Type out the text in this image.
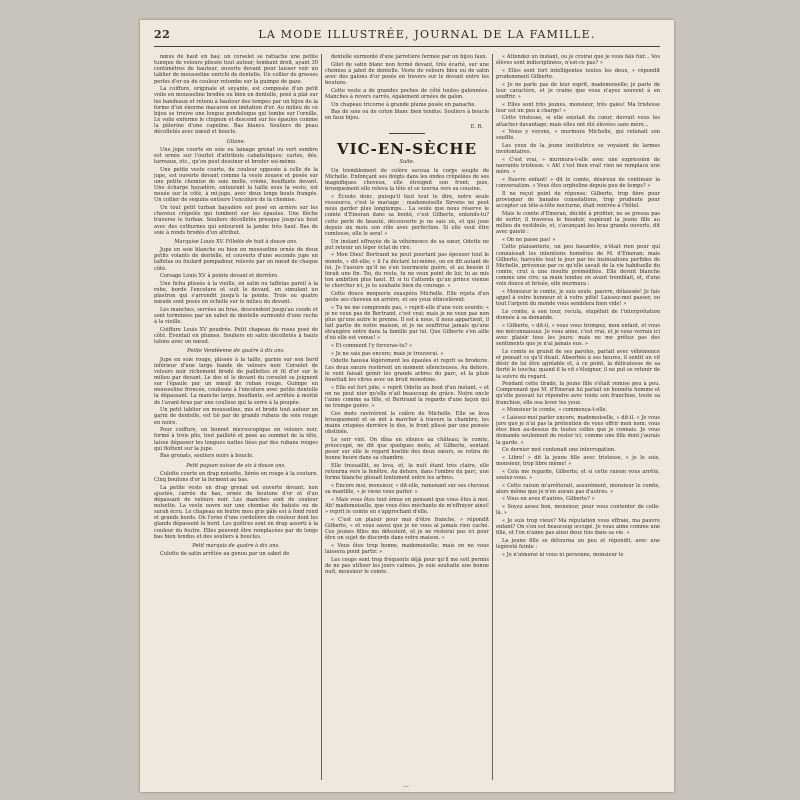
22	LA MODE ILLUSTRÉE, JOURNAL DE LA FAMILLE.

nœus de haut en bas; un corselet se rattache une petite tunique de velours plissée tout autour, tombant droit, ayant 30 centimètres de hauteur, ouverte devant pour laisser voir un tablier de mousseline enrichi de dentelle. Un collier de grosses perles d'or ou de couleur retombe sur la guimpe de gaze.

La coiffure, originale et seyante, est composée d'un petit voile en mousseline brodée ou bien en dentelle, posé à plat sur les bandeaux et retenu à hauteur des tempes par un bijou de la forme d'un énorme macaron en imitation d'or. Au milieu de ce bijou se trouve une longue pendeloque qui tombe sur l'oreille. Le voile enferme le chignon et descend sur les épaules comme la pèlerine d'une capeline. Bas blancs. Souliers de peau décolletés avec nœud et boucle.

Gitane.

Une jupe courte en soie ou lainage grenat ou vert sombre est ornée sur l'ourlet d'attributs cabalistiques; cartes, dés, tarreaux, etc., qu'on peut dessiner et broder soi-même.

Une petite veste courte, de couleur opposée à celle de la jupe, est ouverte devant comme la veste zouave et posée sur une petite chemise de soie molle, crème, bouffante devant. Une écharpe bayadère, entourant la taille sous la veste, est nouée sur le côté, à mi-jupe, avec deux longs bouts frangés. Un collier de sequins entoure l'encolure de la chemise.

Un tout petit turban bayadère est posé en arrière sur les cheveux crêpelés qui tombent sur les épaules. Une flèche traverse le turban. Souliers décolletés presque jusqu'au bout avec des cothurnes qui entourent la jambe très haut. Bas de soie à ronds brodés d'un attribut.

Marquise Louis XV. Fillette de huit à douze ans.

Jupe en soie blanche ou bien en mousseline ornée de deux petits volants de dentelle, et couverts d'une seconde jupe en taffetas ou foulard pompadour, relevée par un nœud de chaque côté.

Corsage Louis XV à pointe devant et derrière.

Une fichu plissée à la vieille, en satin ou taffetas pareil à la robe, borde l'encolure et suit le devant, en simulant un plastron qui s'arrondit jusqu'à la pointe. Trois ou quatre nœuds sont posés en échelle sur le milieu du devant.

Les manches, serrées au bras, descendent jusqu'au coude et sont terminées par un sabot de dentelle surmonté d'une ruche à la vieille.

Coiffure Louis XV poudrée. Petit chapeau de roses posé de côté. Éventail en plumes. Souliers en satin décolletés à hauts talons avec un nœud.

Petite Vendéenne de quatre à dix ans.

Jupe en soie rouge, plissée à la taille, garnie sur son bord inférieur d'une large bande de velours noir. Corselet de velours noir richement brodé de paillettes et fil d'or sur le milieu par devant. Le dos et le devant du corselet se joignent sur l'épaule par un nœud de ruban rouge. Guimpe en mousseline froncée, coulissée à l'encolure avec petite dentelle la dépassant. La manche large, bouffante, est arrêtée à moitié de l'avant-bras par une coulisse qui la serre à la poupée.

Un petit tablier en mousseline, mis et brodé tout autour en garni de dentelle, est tié par de grands rubans de soie rouge en noire.

Pour coiffure, un bonnet microscopique en velours noir, formé à trois plis, tout pailleté et posé au sommet de la tête, laisse dépasser les longues nattes liées par des rubans rouges qui flottent sur la jupe.

Bas grenats, souliers noirs à boucle.

Petit paysan suisse de six à douze ans.

Culotte courte en drap noisette, liérée en rouge à la couture. Cinq boutons d'or la ferment au bas.

La petite veste en drap grenat est ouverte devant, non ajustée, carrée du bas, ornée de boutons d'or et d'un dépassant de velours noir. Les manches sont de couleur noisette. La veste ouvre sur une chemise de batiste ou de surah écru. Le chapeau en feutre mou gris pâle est à fond rond et grands bords. On l'orne d'une cordelière de couleur dont les glands dépassent le bord. Les guêtres sont en drap assorti à la couleur du feutre. Elles peuvent être remplacées par de longs bas bien tendus et des souliers à boucles.

Petit marquis de quatre à dix ans.

Culotte de satin arrêtée au genou par un sabot de

dentelle surmonté d'une jarretière fermée par un bijou faux.

Gilet de satin blanc non fermé devant, très écarté, sur une chemise à jabot de dentelle. Veste de velours bleu ou de satin avec des galons d'or posés en travers sur le devant entre les boutons.

Cette veste a de grandes poches de côté toutes galonnées. Manches à revers carrés, également ornées de galon.

Un chapeau tricorne à grande plume posée en panache.

Bas de soie ou de coton blanc bien tendus. Souliers à boucle en faux bijou.

E. R.
VIC-EN-SÈCHE
Suite.

Un tremblement de colère secoua le corps souple de Michelle. Enfonçant ses doigts dans les ondes crêpelées de ses magnifiques cheveux, elle étreignit son front; puis, brusquement elle releva la tête et se tourna vers sa cousine.

« Écoute donc, puisqu'il faut tout te dire, notre seule ressource, c'est le mariage : mademoiselle Sirvens ne peut nous garder plus longtemps... La seule que nous réserve le comte d'Emeran dans sa bonté, c'est Gilberte, entends-tu? cette perle de beauté, découverte je ne sais où, et qui joue depuis six mois son rôle avec perfection. Si elle veut être comtesse, elle le sera! »

Un instant effrayée de la véhémence de sa sœur, Odette ne put retenir un léger éclat de rire.

« Mon Dieu! Bertrand ne peut pourtant pas épouser tout le monde, » dit-elle; « il l'a déclaré lui-même, on en dit autant de lui. Je t'assure qu'il ne s'en tourmente guère, et au besoin il ferait une fin. Toi, du reste, tu ne veux point de lui; tu as mis ton ambition plus haut. Et si tu t'attends qu'un prince vienne te chercher ici, je te souhaite bien du courage. »

Cette douce moquerie exaspéra Michelle. Elle rejeta d'un geste ses cheveux en arrière, et ses yeux étincelèrent.

« Tu ne me comprends pas, » reprit-elle d'une voix sourde; « je ne veux pas de Bertrand, c'est vrai; mais je ne veux pas non plus qu'une autre le prenne. Il est à nous, il nous appartient, il fait partie de notre maison, et je ne souffrirai jamais qu'une étrangère entre dans la famille par lui. Que Gilberte s'en aille d'où elle est venue! »

« Et comment l'y forceras-tu? »

« Je ne sais pas encore; mais je trouverai. »

Odette haussa légèrement les épaules et reprit sa broderie. Les deux sœurs restèrent un moment silencieuses. Au dehors, le vent faisait gémir les grands arbres du parc, et la pluie fouettait les vitres avec un bruit monotone.

« Elle est fort jolie, » reprit Odette au bout d'un instant, « et on ne peut nier qu'elle n'ait beaucoup de grâce. Notre oncle l'aime comme sa fille, et Bertrand la regarde d'une façon qui ne trompe guère. »

Ces mots ravivèrent la colère de Michelle. Elle se leva brusquement et se mit à marcher à travers la chambre, les mains crispées derrière le dos, le front plissé par une pensée obstinée.

Le soir vint. On dîna en silence au château; le comte, préoccupé, ne dit que quelques mots, et Gilberte, sentant peser sur elle le regard hostile des deux sœurs, se retira de bonne heure dans sa chambre.

Elle tressaillit, se leva, et, la nuit étant très claire, elle retourna vers la fenêtre. Au dehors, dans l'ombre du parc, une forme blanche glissait lentement entre les arbres.

« Encore moi, monsieur, » dit-elle, ramenant sur ses cheveux sa mantille, « je viens vous parler. »

« Mais vous êtes tout émue en pensant que vous êtes à moi. Ah! mademoiselle, que vous êtes méchante de m'effrayer ainsi! » reprit le comte en s'approchant d'elle.

« C'est un plaisir pour moi d'être franche, » répondit Gilberte, « et vous savez que je ne vous ai jamais rien caché. Ces jeunes filles me détestent, et je ne resterai pas ici pour être un sujet de discorde dans votre maison. »

« Vous êtes trop bonne, mademoiselle; mais on ne vous laissera point partir. »

Les coups sont trop fréquents déjà pour qu'il me soit permis de ne pas utiliser les jours calmes. Je suis souhaite une bonne nuit, monsieur le comte.

« Attendez un instant, ou je croirai que je vous fais fuir... Vos élèves sont indisciplinées, n'est-ce pas? »

« Elles sont fort intelligentes toutes les deux, » répondit prudemment Gilberte.

« Je ne parle pas de leur esprit, mademoiselle; je parle de leur caractère, et je crains que vous n'ayez souvent à en souffrir. »

« Elles sont très jeunes, monsieur, très gaies! Ma tristesse leur est un peu à charge! »

Cette tristesse, si elle existait du cœur, devrait vous les attacher davantage; mais elles ont été élevées sans mère...

« Nous y voyons, » murmura Michelle, qui retenait son souffle.

Les yeux de la jeune institutrice se voyaient de larmes involontaires.

« C'est vrai, » murmura-t-elle avec une expression de navrante tristesse. « Ah! c'est bien vrai! rien ne remplace une mère. »

« Pauvre enfant! » dit le comte, désireux de continuer la conversation. « Vous êtes orpheline depuis peu de temps? »

Il ne reçut point de réponse; Gilberte, trop fière pour provoquer de banales consolations, trop prudente pour accepter un tête-à-tête nocturne, était rentrée à l'hôtel.

Mais le comte d'Emeran, décidé à profiter, ne se pressa pas de sortir; il traversa le boudoir, espérant la jeune fille au milieu du vestibule, et, s'avançant les bras grands ouverts, dit avec gaieté :

« On ne passe pas! »

Cette plaisanterie, un peu hasardée, n'était rien pour qui connaissait les intentions honnêtes de M. d'Emeran; mais Gilberte, harcelée tout le jour par les insinuations perfides de Michelle, prévenue par ce qu'elle savait de la vie habituelle du comte, crut à une insulte préméditée. Elle devint blanche comme une cire; sa main tendue en avant tremblait, et, d'une voix douce et brisée, elle murmura :

« Monsieur le comte, je suis seule, pauvre, délaissée! Je fais appel à votre honneur et à votre pitié! Laissez-moi passer, ou tout l'argent du monde vous semblera bien vide! »

Le comte, à son tour, recula, stupéfait de l'interprétation donnée à sa demande.

« Gilberte, » dit-il, « vous vous trompez, mon enfant, et vous me méconnaissez. Je vous aime, c'est vrai, et je vous verrais ici avec plaisir tous les jours; mais ne me prêtez pas des sentiments que je n'ai jamais eus. »

Le comte se graisit de ses paroles, parlait avec véhémence et pensait ce qu'il disait. Absorbée à ses heures, il sentit un vif désir de lui être agréable et, à ce point, la délicatesse de sa fierté le toucha; quand il la vit s'éloigner, il ne put se retenir de la suivre du regard.

Pendant cette tirade, la jeune fille s'était remise peu à peu. Comprenant que M. d'Emeran lui parlait en honnête homme et qu'elle pouvait lui répondre avec toute son franchise, toute sa franchise, elle osa lever les yeux.

« Monsieur le comte, » commença-t-elle.

« Laissez-moi parler encore, mademoiselle, » dit-il. « Je vous jure que je n'ai pas la prétention de vous offrir mon nom; vous êtes bien au-dessus de toutes celles que je connais. Je vous demande seulement de rester ici, comme une fille dont j'aurais la garde. »

Ce dernier mot contenait une interrogation.

« Libre! » dit la jeune fille avec tristesse, « je le suis, monsieur, trop libre même! »

« Cela me regarde, Gilberte; et si cette raison vous arrête, soulez-vous. »

« Cette raison m'arrêterait, assurément, monsieur le comte, alors même que je n'en aurais pas d'autres. »

« Vous en avez d'autres, Gilberte? »

« Soyez assez bon, monsieur, pour vous contenter de celle-là. »

« Je suis trop vieux? Ma réputation vous effraie, ma pauvre enfant? On s'en est beaucoup occupé. Je vous aime comme une fille, et l'on n'aime pas ainsi deux fois dans sa vie. »

La jeune fille se détourna un peu et répondit, avec une légèreté feinte :

« Je n'aimerai ni vous ni personne, monsieur le

—
